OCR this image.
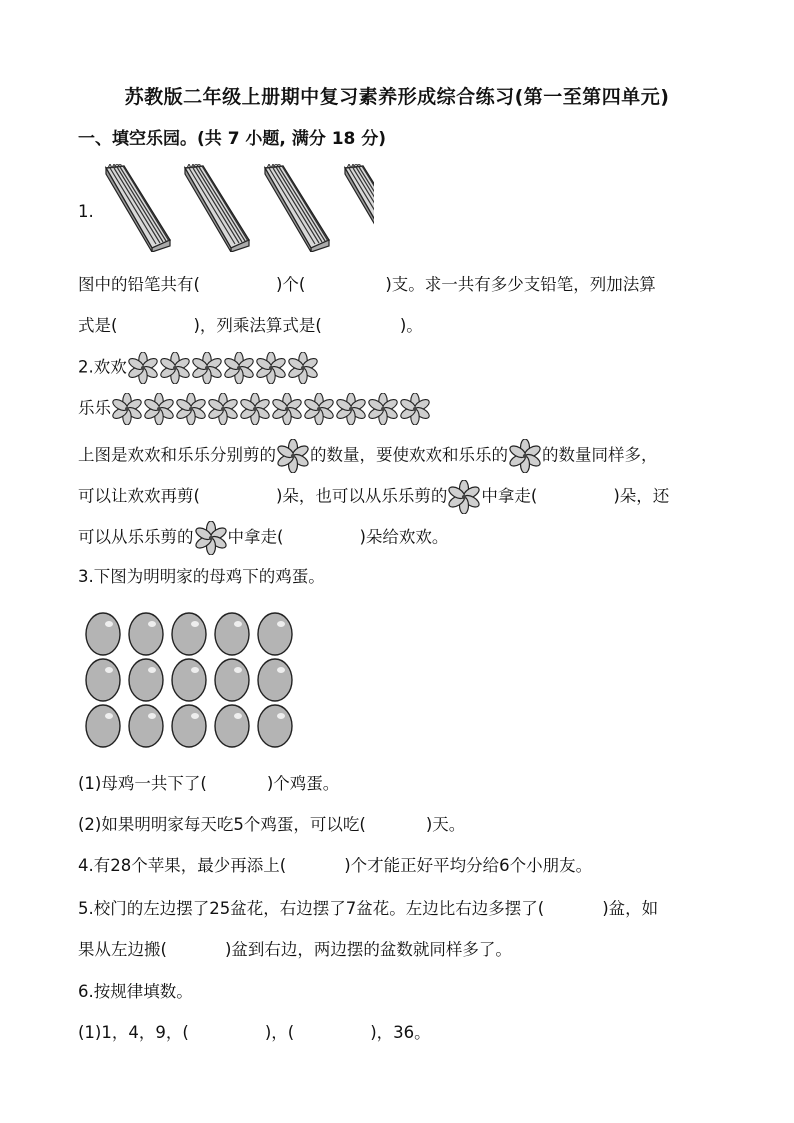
苏教版二年级上册期中复习素养形成综合练习(第一至第四单元)
一、填空乐园。(共 7 小题, 满分 18 分)
1.
图中的铅笔共有(	)个(	)支。求一共有多少支铅笔，列加法算
式是(	)，列乘法算式是(	)。
2.欢欢
乐乐
上图是欢欢和乐乐分别剪的 的数量，要使欢欢和乐乐的 的数量同样多，
可以让欢欢再剪(	)朵，也可以从乐乐剪的 中拿走(	)朵，还
可以从乐乐剪的 中拿走(	)朵给欢欢。
3.下图为明明家的母鸡下的鸡蛋。
(1)母鸡一共下了(	)个鸡蛋。
(2)如果明明家每天吃5个鸡蛋，可以吃(	)天。
4.有28个苹果，最少再添上(	)个才能正好平均分给6个小朋友。
5.校门的左边摆了25盆花，右边摆了7盆花。左边比右边多摆了(	)盆，如
果从左边搬(	)盆到右边，两边摆的盆数就同样多了。
6.按规律填数。
(1)1，4，9，(	)，(	)，36。
